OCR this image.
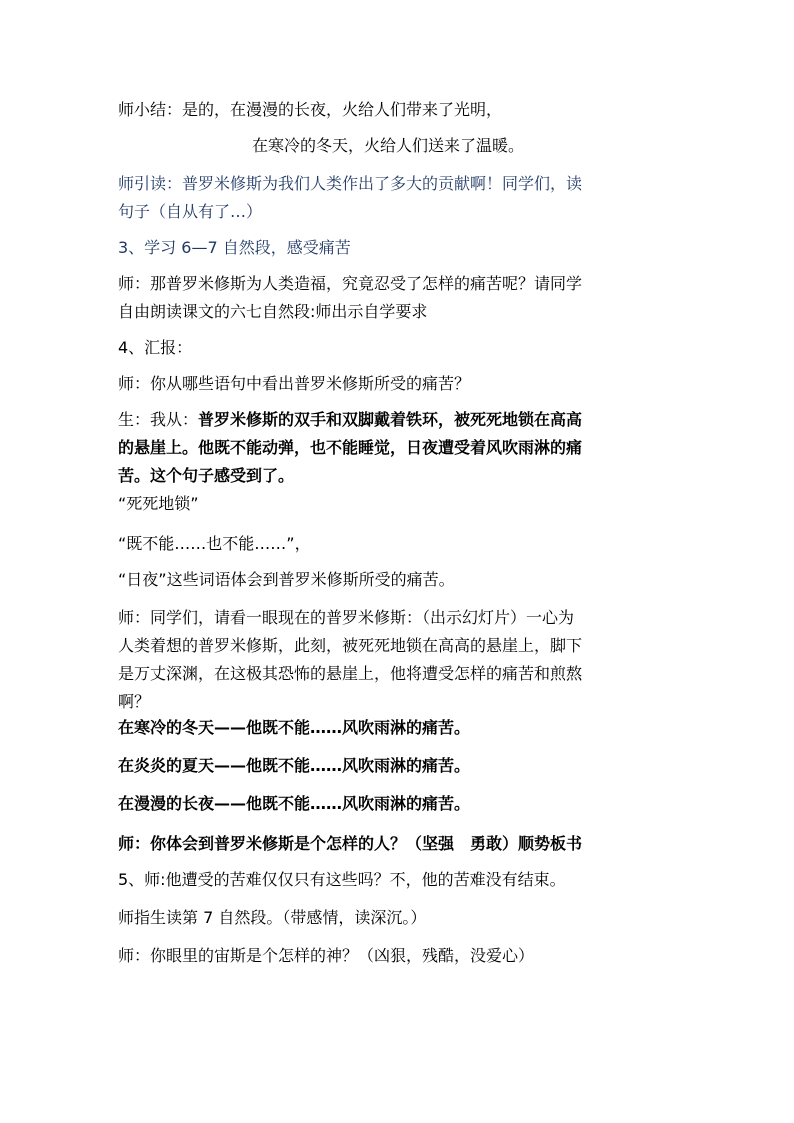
师小结：是的，在漫漫的长夜，火给人们带来了光明，

在寒冷的冬天，火给人们送来了温暖。

师引读：普罗米修斯为我们人类作出了多大的贡献啊！同学们，读
句子（自从有了…）

3、学习 6—7 自然段，感受痛苦

师：那普罗米修斯为人类造福，究竟忍受了怎样的痛苦呢？请同学
自由朗读课文的六七自然段:师出示自学要求

4、汇报：

师：你从哪些语句中看出普罗米修斯所受的痛苦？

生：我从：普罗米修斯的双手和双脚戴着铁环，被死死地锁在高高
的悬崖上。他既不能动弹，也不能睡觉，日夜遭受着风吹雨淋的痛
苦。这个句子感受到了。

“死死地锁”

“既不能……也不能……”，

“日夜”这些词语体会到普罗米修斯所受的痛苦。

师：同学们，请看一眼现在的普罗米修斯：（出示幻灯片）一心为
人类着想的普罗米修斯，此刻，被死死地锁在高高的悬崖上，脚下
是万丈深渊，在这极其恐怖的悬崖上，他将遭受怎样的痛苦和煎熬
啊？

在寒冷的冬天——他既不能……风吹雨淋的痛苦。

在炎炎的夏天——他既不能……风吹雨淋的痛苦。

在漫漫的长夜——他既不能……风吹雨淋的痛苦。

师：你体会到普罗米修斯是个怎样的人？（坚强　勇敢）顺势板书

5、师:他遭受的苦难仅仅只有这些吗？不，他的苦难没有结束。

师指生读第 7 自然段。（带感情，读深沉。）

师：你眼里的宙斯是个怎样的神？（凶狠，残酷，没爱心）
